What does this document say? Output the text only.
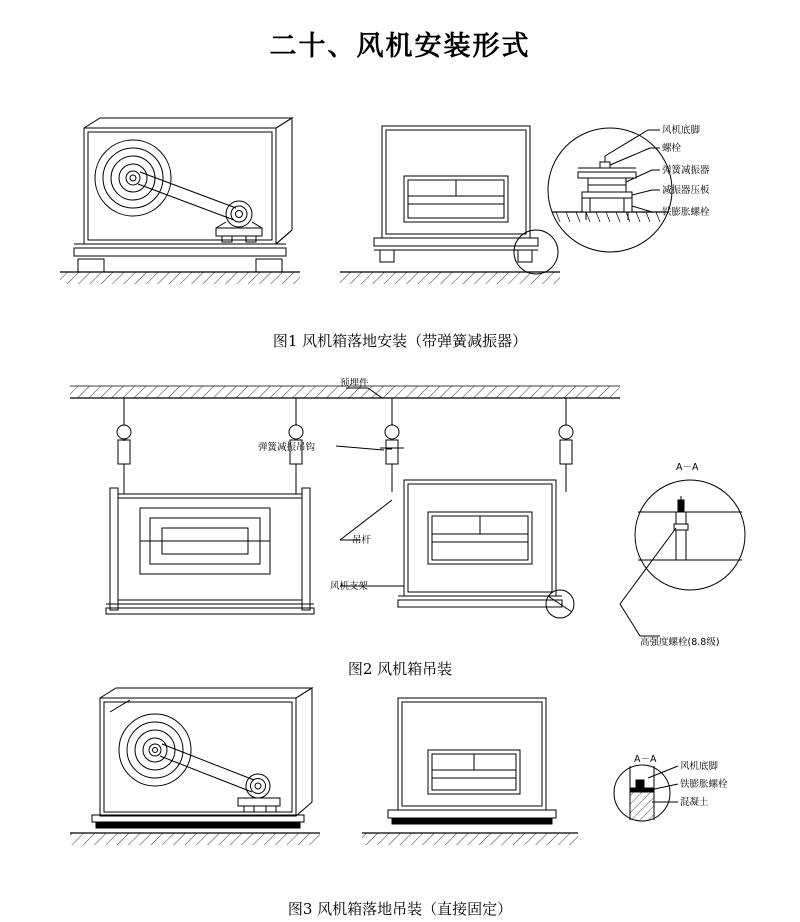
二十、风机安装形式
图1 风机箱落地安装（带弹簧减振器）
图2 风机箱吊装
图3 风机箱落地吊装（直接固定）
风机底脚
螺栓
弹簧减振器
减振器压板
铁膨胀螺栓
预埋件
弹簧减振吊钩
吊杆
风机支架
高强度螺栓(8.8级)
A－A
A－A
风机底脚
铁膨胀螺栓
混凝土
